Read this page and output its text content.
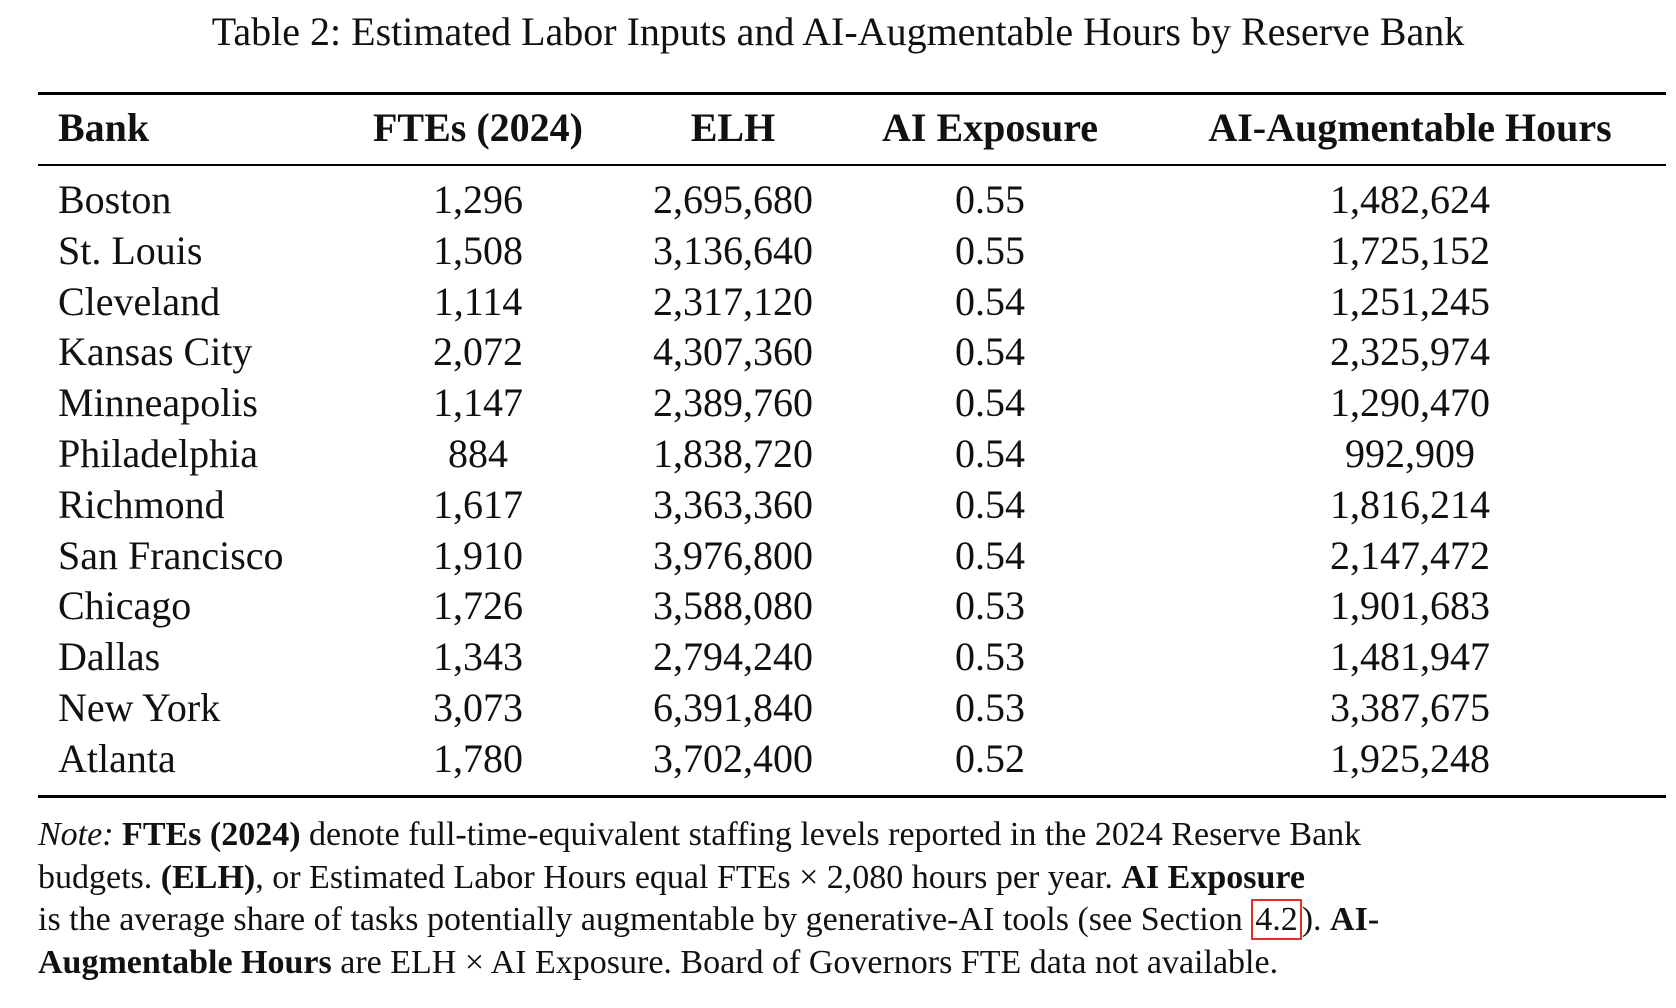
Table 2: Estimated Labor Inputs and AI-Augmentable Hours by Reserve Bank
Bank	FTEs (2024)	ELH	AI Exposure	AI-Augmentable Hours
Boston	1,296	2,695,680	0.55	1,482,624
St. Louis	1,508	3,136,640	0.55	1,725,152
Cleveland	1,114	2,317,120	0.54	1,251,245
Kansas City	2,072	4,307,360	0.54	2,325,974
Minneapolis	1,147	2,389,760	0.54	1,290,470
Philadelphia	884	1,838,720	0.54	992,909
Richmond	1,617	3,363,360	0.54	1,816,214
San Francisco	1,910	3,976,800	0.54	2,147,472
Chicago	1,726	3,588,080	0.53	1,901,683
Dallas	1,343	2,794,240	0.53	1,481,947
New York	3,073	6,391,840	0.53	3,387,675
Atlanta	1,780	3,702,400	0.52	1,925,248
Note: FTEs (2024) denote full-time-equivalent staffing levels reported in the 2024 Reserve Bank
budgets. (ELH), or Estimated Labor Hours equal FTEs × 2,080 hours per year. AI Exposure
is the average share of tasks potentially augmentable by generative-AI tools (see Section 4.2 ). AI-
Augmentable Hours are ELH × AI Exposure. Board of Governors FTE data not available.
